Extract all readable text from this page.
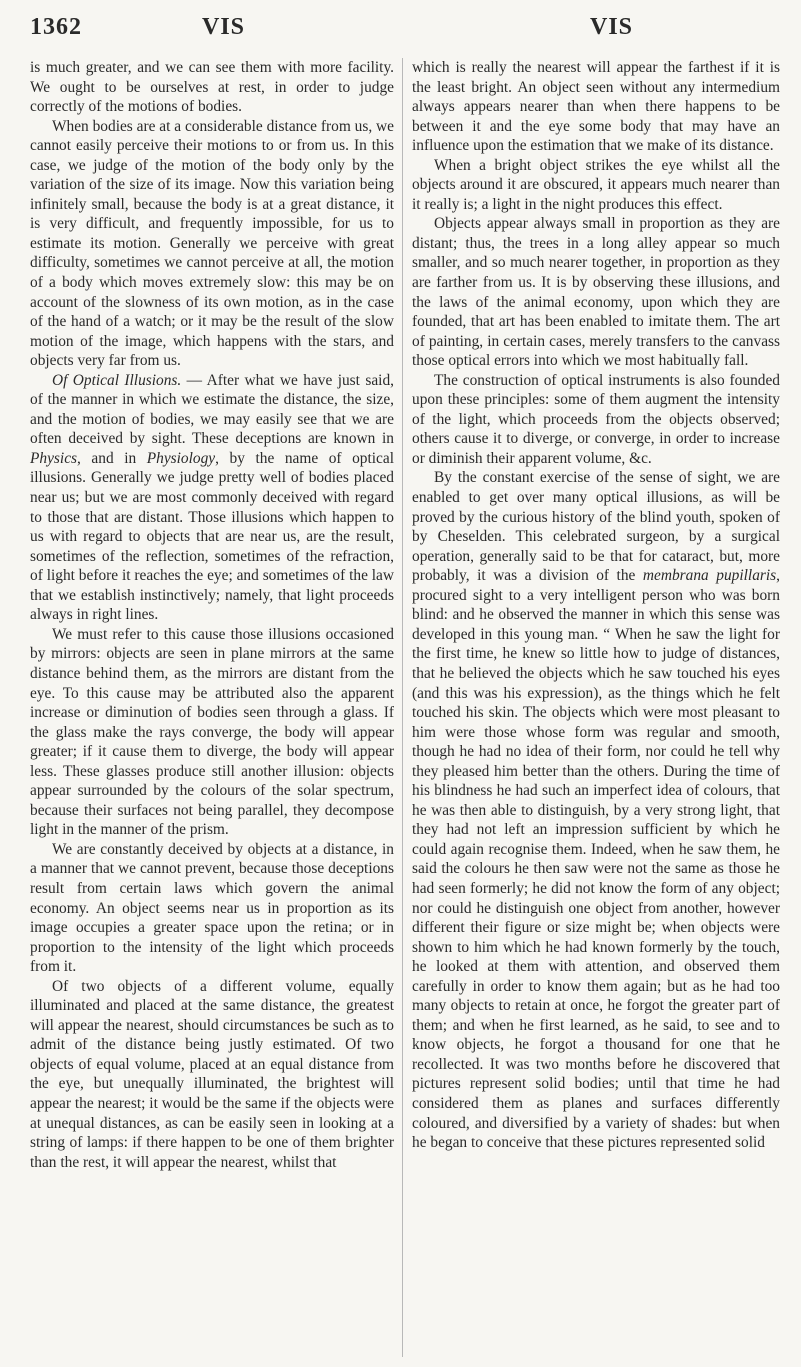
1362	VIS	VIS

is much greater, and we can see them with more facility. We ought to be ourselves at rest, in order to judge correctly of the motions of bodies.

When bodies are at a considerable distance from us, we cannot easily perceive their motions to or from us. In this case, we judge of the motion of the body only by the variation of the size of its image. Now this variation being infinitely small, because the body is at a great distance, it is very difficult, and frequently impossible, for us to estimate its motion. Generally we perceive with great difficulty, sometimes we cannot perceive at all, the motion of a body which moves extremely slow: this may be on account of the slowness of its own motion, as in the case of the hand of a watch; or it may be the result of the slow motion of the image, which happens with the stars, and objects very far from us.

Of Optical Illusions. — After what we have just said, of the manner in which we estimate the distance, the size, and the motion of bodies, we may easily see that we are often deceived by sight. These deceptions are known in Physics, and in Physiology, by the name of optical illusions. Generally we judge pretty well of bodies placed near us; but we are most commonly deceived with regard to those that are distant. Those illusions which happen to us with regard to objects that are near us, are the result, sometimes of the reflection, sometimes of the refraction, of light before it reaches the eye; and sometimes of the law that we establish instinctively; namely, that light proceeds always in right lines.

We must refer to this cause those illusions occasioned by mirrors: objects are seen in plane mirrors at the same distance behind them, as the mirrors are distant from the eye. To this cause may be attributed also the apparent increase or diminution of bodies seen through a glass. If the glass make the rays converge, the body will appear greater; if it cause them to diverge, the body will appear less. These glasses produce still another illusion: objects appear surrounded by the colours of the solar spectrum, because their surfaces not being parallel, they decompose light in the manner of the prism.

We are constantly deceived by objects at a distance, in a manner that we cannot prevent, because those deceptions result from certain laws which govern the animal economy. An object seems near us in proportion as its image occupies a greater space upon the retina; or in proportion to the intensity of the light which proceeds from it.

Of two objects of a different volume, equally illuminated and placed at the same distance, the greatest will appear the nearest, should circumstances be such as to admit of the distance being justly estimated. Of two objects of equal volume, placed at an equal distance from the eye, but unequally illuminated, the brightest will appear the nearest; it would be the same if the objects were at unequal distances, as can be easily seen in looking at a string of lamps: if there happen to be one of them brighter than the rest, it will appear the nearest, whilst that

which is really the nearest will appear the farthest if it is the least bright. An object seen without any intermedium always appears nearer than when there happens to be between it and the eye some body that may have an influence upon the estimation that we make of its distance.

When a bright object strikes the eye whilst all the objects around it are obscured, it appears much nearer than it really is; a light in the night produces this effect.

Objects appear always small in proportion as they are distant; thus, the trees in a long alley appear so much smaller, and so much nearer together, in proportion as they are farther from us. It is by observing these illusions, and the laws of the animal economy, upon which they are founded, that art has been enabled to imitate them. The art of painting, in certain cases, merely transfers to the canvass those optical errors into which we most habitually fall.

The construction of optical instruments is also founded upon these principles: some of them augment the intensity of the light, which proceeds from the objects observed; others cause it to diverge, or converge, in order to increase or diminish their apparent volume, &c.

By the constant exercise of the sense of sight, we are enabled to get over many optical illusions, as will be proved by the curious history of the blind youth, spoken of by Cheselden. This celebrated surgeon, by a surgical operation, generally said to be that for cataract, but, more probably, it was a division of the membrana pupillaris, procured sight to a very intelligent person who was born blind: and he observed the manner in which this sense was developed in this young man. “ When he saw the light for the first time, he knew so little how to judge of distances, that he believed the objects which he saw touched his eyes (and this was his expression), as the things which he felt touched his skin. The objects which were most pleasant to him were those whose form was regular and smooth, though he had no idea of their form, nor could he tell why they pleased him better than the others. During the time of his blindness he had such an imperfect idea of colours, that he was then able to distinguish, by a very strong light, that they had not left an impression sufficient by which he could again recognise them. Indeed, when he saw them, he said the colours he then saw were not the same as those he had seen formerly; he did not know the form of any object; nor could he distinguish one object from another, however different their figure or size might be; when objects were shown to him which he had known formerly by the touch, he looked at them with attention, and observed them carefully in order to know them again; but as he had too many objects to retain at once, he forgot the greater part of them; and when he first learned, as he said, to see and to know objects, he forgot a thousand for one that he recollected. It was two months before he discovered that pictures represent solid bodies; until that time he had considered them as planes and surfaces differently coloured, and diversified by a variety of shades: but when he began to conceive that these pictures represented solid
